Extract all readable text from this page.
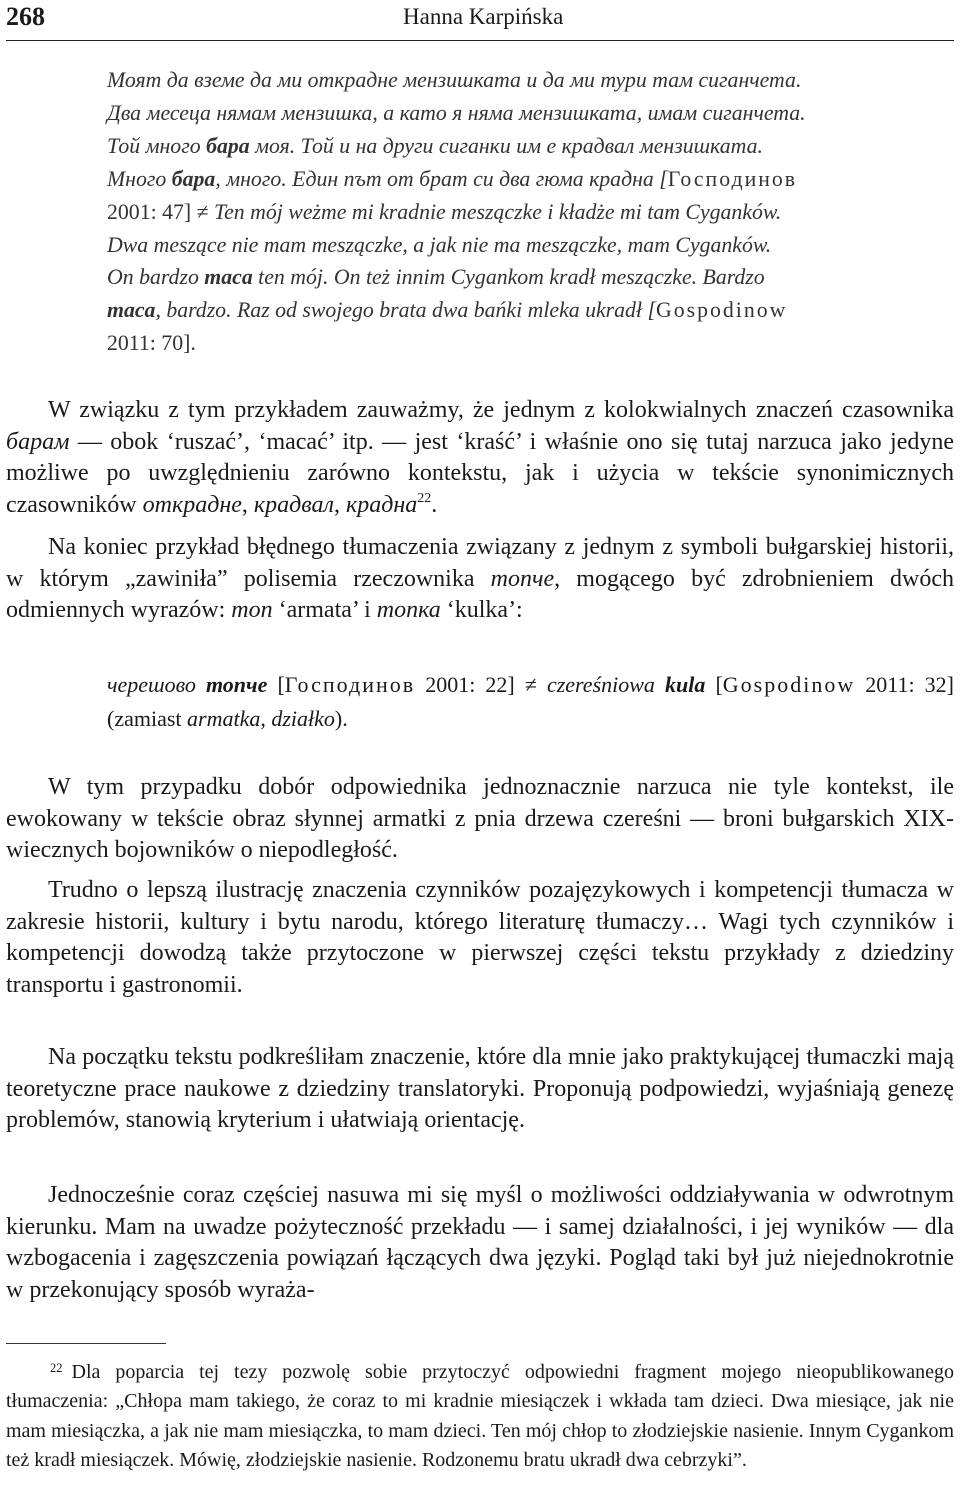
268	Hanna Karpińska
Моят да вземе да ми открадне мензишката и да ми тури там сиганчета.
Два месеца нямам мензишка, а като я няма мензишката, имам сиганчета.
Той много бара моя. Той и на други сиганки им е крадвал мензишката.
Много бара, много. Един път от брат си два гюма крадна [Господинов
2001: 47] ≠ Ten mój weżme mi kradnie meszączke i kładże mi tam Cyganków.
Dwa meszące nie mam meszączke, a jak nie ma meszączke, mam Cyganków.
On bardzo maca ten mój. On też innim Cygankom kradł meszączke. Bardzo
maca, bardzo. Raz od swojego brata dwa bańki mleka ukradł [Gospodinow
2011: 70].
W związku z tym przykładem zauważmy, że jednym z kolokwialnych znaczeń czasownika барам — obok ‘ruszać’, ‘macać’ itp. — jest ‘kraść’ i właśnie ono się tutaj narzuca jako jedyne możliwe po uwzględnieniu zarówno kontekstu, jak i użycia w tekście synonimicznych czasowników открадне, крадвал, крадна$^{22}$.
Na koniec przykład błędnego tłumaczenia związany z jednym z symboli bułgarskiej historii, w którym „zawiniła” polisemia rzeczownika топче, mogącego być zdrobnieniem dwóch odmiennych wyrazów: топ ‘armata’ i топка ‘kulka’:
черешово топче [Господинов 2001: 22] ≠ czereśniowa kula [Gospodinow 2011: 32] (zamiast armatka, działko).
W tym przypadku dobór odpowiednika jednoznacznie narzuca nie tyle kontekst, ile ewokowany w tekście obraz słynnej armatki z pnia drzewa czereśni — broni bułgarskich XIX-wiecznych bojowników o niepodległość.
Trudno o lepszą ilustrację znaczenia czynników pozajęzykowych i kompetencji tłumacza w zakresie historii, kultury i bytu narodu, którego literaturę tłumaczy… Wagi tych czynników i kompetencji dowodzą także przytoczone w pierwszej części tekstu przykłady z dziedziny transportu i gastronomii.
Na początku tekstu podkreśliłam znaczenie, które dla mnie jako praktykującej tłumaczki mają teoretyczne prace naukowe z dziedziny translatoryki. Proponują podpowiedzi, wyjaśniają genezę problemów, stanowią kryterium i ułatwiają orientację.
Jednocześnie coraz częściej nasuwa mi się myśl o możliwości oddziaływania w odwrotnym kierunku. Mam na uwadze pożyteczność przekładu — i samej działalności, i jej wyników — dla wzbogacenia i zagęszczenia powiązań łączących dwa języki. Pogląd taki był już niejednokrotnie w przekonujący sposób wyraża-
$^{22}$ Dla poparcia tej tezy pozwolę sobie przytoczyć odpowiedni fragment mojego nieopublikowanego tłumaczenia: „Chłopa mam takiego, że coraz to mi kradnie miesiączek i wkłada tam dzieci. Dwa miesiące, jak nie mam miesiączka, a jak nie mam miesiączka, to mam dzieci. Ten mój chłop to złodziejskie nasienie. Innym Cygankom też kradł miesiączek. Mówię, złodziejskie nasienie. Rodzonemu bratu ukradł dwa cebrzyki”.
